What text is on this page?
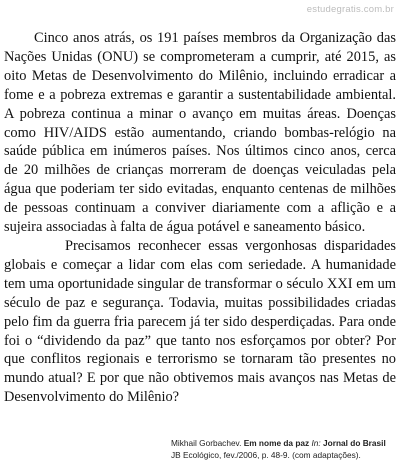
estudegratis.com.br

Cinco anos atrás, os 191 países membros da Organização das Nações Unidas (ONU) se comprometeram a cumprir, até 2015, as oito Metas de Desenvolvimento do Milênio, incluindo erradicar a fome e a pobreza extremas e garantir a sustentabilidade ambiental. A pobreza continua a minar o avanço em muitas áreas. Doenças como HIV/AIDS estão aumentando, criando bombas-relógio na saúde pública em inúmeros países. Nos últimos cinco anos, cerca de 20 milhões de crianças morreram de doenças veiculadas pela água que poderiam ter sido evitadas, enquanto centenas de milhões de pessoas continuam a conviver diariamente com a aflição e a sujeira associadas à falta de água potável e saneamento básico.

Precisamos reconhecer essas vergonhosas disparidades globais e começar a lidar com elas com seriedade. A humanidade tem uma oportunidade singular de transformar o século XXI em um século de paz e segurança. Todavia, muitas possibilidades criadas pelo fim da guerra fria parecem já ter sido desperdiçadas. Para onde foi o “dividendo da paz” que tanto nos esforçamos por obter? Por que conflitos regionais e terrorismo se tornaram tão presentes no mundo atual? E por que não obtivemos mais avanços nas Metas de Desenvolvimento do Milênio?

Mikhail Gorbachev. Em nome da paz In: Jornal do Brasil
JB Ecológico, fev./2006, p. 48-9. (com adaptações).
